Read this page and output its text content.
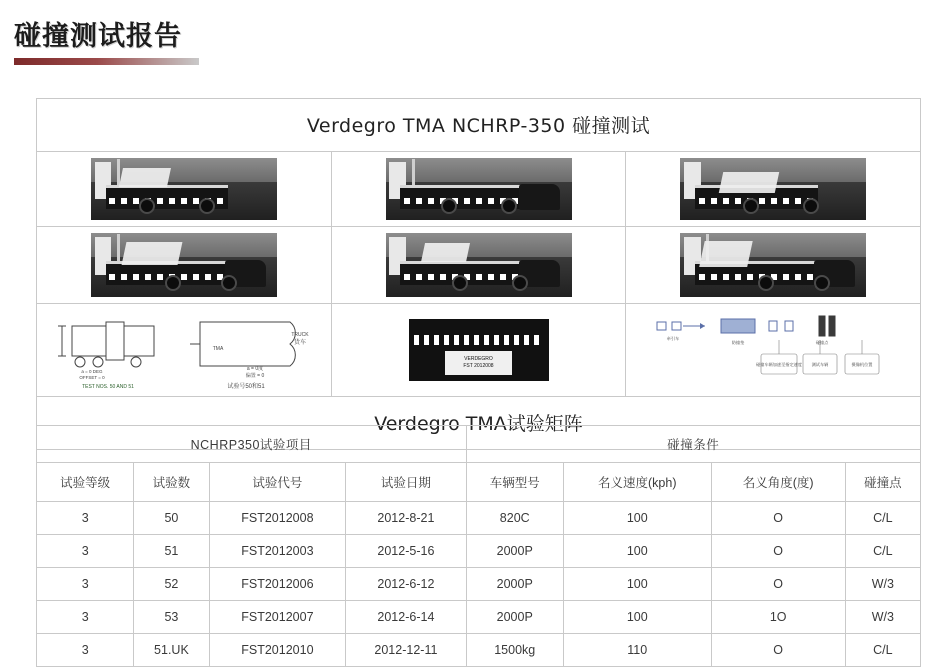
碰撞测试报告
Verdegro TMA NCHRP-350 碰撞测试
a = 0 DEG
OFFSET = 0
a = 0度
偏置 = 0
TRUCK
货车
TMA
TEST NOS. 50 AND 51	试验号50和51
VERDEGRO
FST 2012008	碰撞车辆加速至指定速度 测试车辆	摄像机位置
防撞垫
牵引车
碰撞点
Verdegro TMA试验矩阵
NCHRP350试验项目				碰撞条件			
试验等级	试验数	试验代号	试验日期	车辆型号	名义速度(kph)	名义角度(度)	碰撞点
3	50	FST2012008	2012-8-21	820C	100	O	C/L
3	51	FST2012003	2012-5-16	2000P	100	O	C/L
3	52	FST2012006	2012-6-12	2000P	100	O	W/3
3	53	FST2012007	2012-6-14	2000P	100	1O	W/3
3	51.UK	FST2012010	2012-12-11	1500kg	110	O	C/L
